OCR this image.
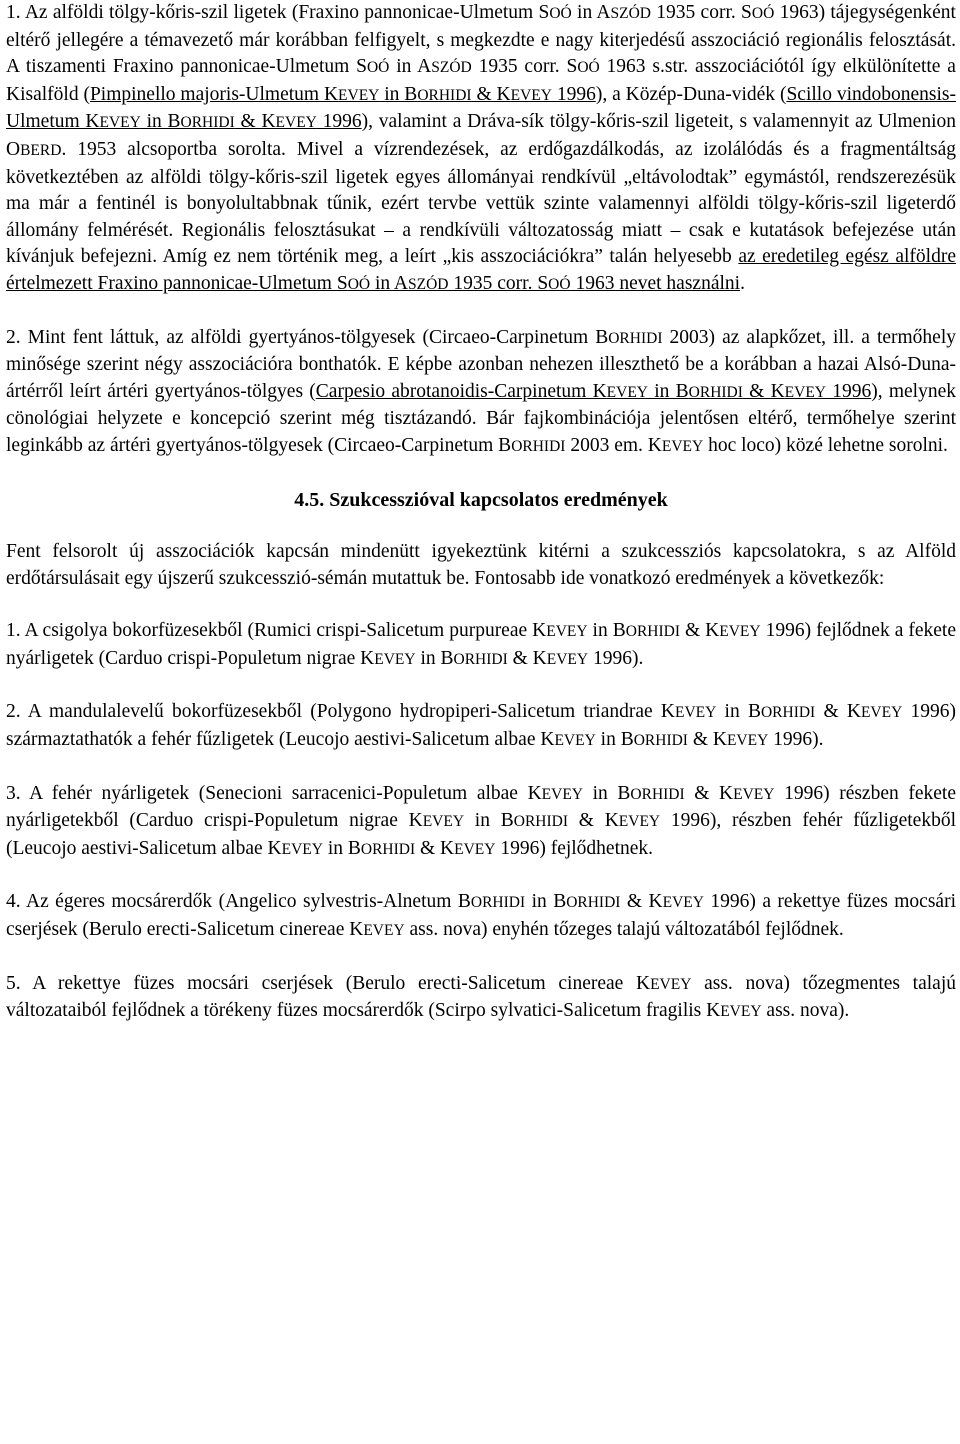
1. Az alföldi tölgy-kőris-szil ligetek (Fraxino pannonicae-Ulmetum SOÓ in ASZÓD 1935 corr. SOÓ 1963) tájegységenként eltérő jellegére a témavezető már korábban felfigyelt, s megkezdte e nagy kiterjedésű asszociáció regionális felosztását. A tiszamenti Fraxino pannonicae-Ulmetum SOÓ in ASZÓD 1935 corr. SOÓ 1963 s.str. asszociációtól így elkülönítette a Kisalföld (Pimpinello majoris-Ulmetum KEVEY in BORHIDI & KEVEY 1996), a Közép-Duna-vidék (Scillo vindobonensis-Ulmetum KEVEY in BORHIDI & KEVEY 1996), valamint a Dráva-sík tölgy-kőris-szil ligeteit, s valamennyit az Ulmenion OBERD. 1953 alcsoportba sorolta. Mivel a vízrendezések, az erdőgazdálkodás, az izolálódás és a fragmentáltság következtében az alföldi tölgy-kőris-szil ligetek egyes állományai rendkívül „eltávolodtak” egymástól, rendszerezésük ma már a fentinél is bonyolultabbnak tűnik, ezért tervbe vettük szinte valamennyi alföldi tölgy-kőris-szil ligeterdő állomány felmérését. Regionális felosztásukat – a rendkívüli változatosság miatt – csak e kutatások befejezése után kívánjuk befejezni. Amíg ez nem történik meg, a leírt „kis asszociációkra” talán helyesebb az eredetileg egész alföldre értelmezett Fraxino pannonicae-Ulmetum SOÓ in ASZÓD 1935 corr. SOÓ 1963 nevet használni.

2. Mint fent láttuk, az alföldi gyertyános-tölgyesek (Circaeo-Carpinetum BORHIDI 2003) az alapkőzet, ill. a termőhely minősége szerint négy asszociációra bonthatók. E képbe azonban nehezen illeszthető be a korábban a hazai Alsó-Duna-ártérről leírt ártéri gyertyános-tölgyes (Carpesio abrotanoidis-Carpinetum KEVEY in BORHIDI & KEVEY 1996), melynek cönológiai helyzete e koncepció szerint még tisztázandó. Bár fajkombinációja jelentősen eltérő, termőhelye szerint leginkább az ártéri gyertyános-tölgyesek (Circaeo-Carpinetum BORHIDI 2003 em. KEVEY hoc loco) közé lehetne sorolni.

4.5. Szukcesszióval kapcsolatos eredmények

Fent felsorolt új asszociációk kapcsán mindenütt igyekeztünk kitérni a szukcessziós kapcsolatokra, s az Alföld erdőtársulásait egy újszerű szukcesszió-sémán mutattuk be. Fontosabb ide vonatkozó eredmények a következők:

1. A csigolya bokorfüzesekből (Rumici crispi-Salicetum purpureae KEVEY in BORHIDI & KEVEY 1996) fejlődnek a fekete nyárligetek (Carduo crispi-Populetum nigrae KEVEY in BORHIDI & KEVEY 1996).

2. A mandulalevelű bokorfüzesekből (Polygono hydropiperi-Salicetum triandrae KEVEY in BORHIDI & KEVEY 1996) származtathatók a fehér fűzligetek (Leucojo aestivi-Salicetum albae KEVEY in BORHIDI & KEVEY 1996).

3. A fehér nyárligetek (Senecioni sarracenici-Populetum albae KEVEY in BORHIDI & KEVEY 1996) részben fekete nyárligetekből (Carduo crispi-Populetum nigrae KEVEY in BORHIDI & KEVEY 1996), részben fehér fűzligetekből (Leucojo aestivi-Salicetum albae KEVEY in BORHIDI & KEVEY 1996) fejlődhetnek.

4. Az égeres mocsárerdők (Angelico sylvestris-Alnetum BORHIDI in BORHIDI & KEVEY 1996) a rekettye füzes mocsári cserjések (Berulo erecti-Salicetum cinereae KEVEY ass. nova) enyhén tőzeges talajú változatából fejlődnek.

5. A rekettye füzes mocsári cserjések (Berulo erecti-Salicetum cinereae KEVEY ass. nova) tőzegmentes talajú változataiból fejlődnek a törékeny füzes mocsárerdők (Scirpo sylvatici-Salicetum fragilis KEVEY ass. nova).
